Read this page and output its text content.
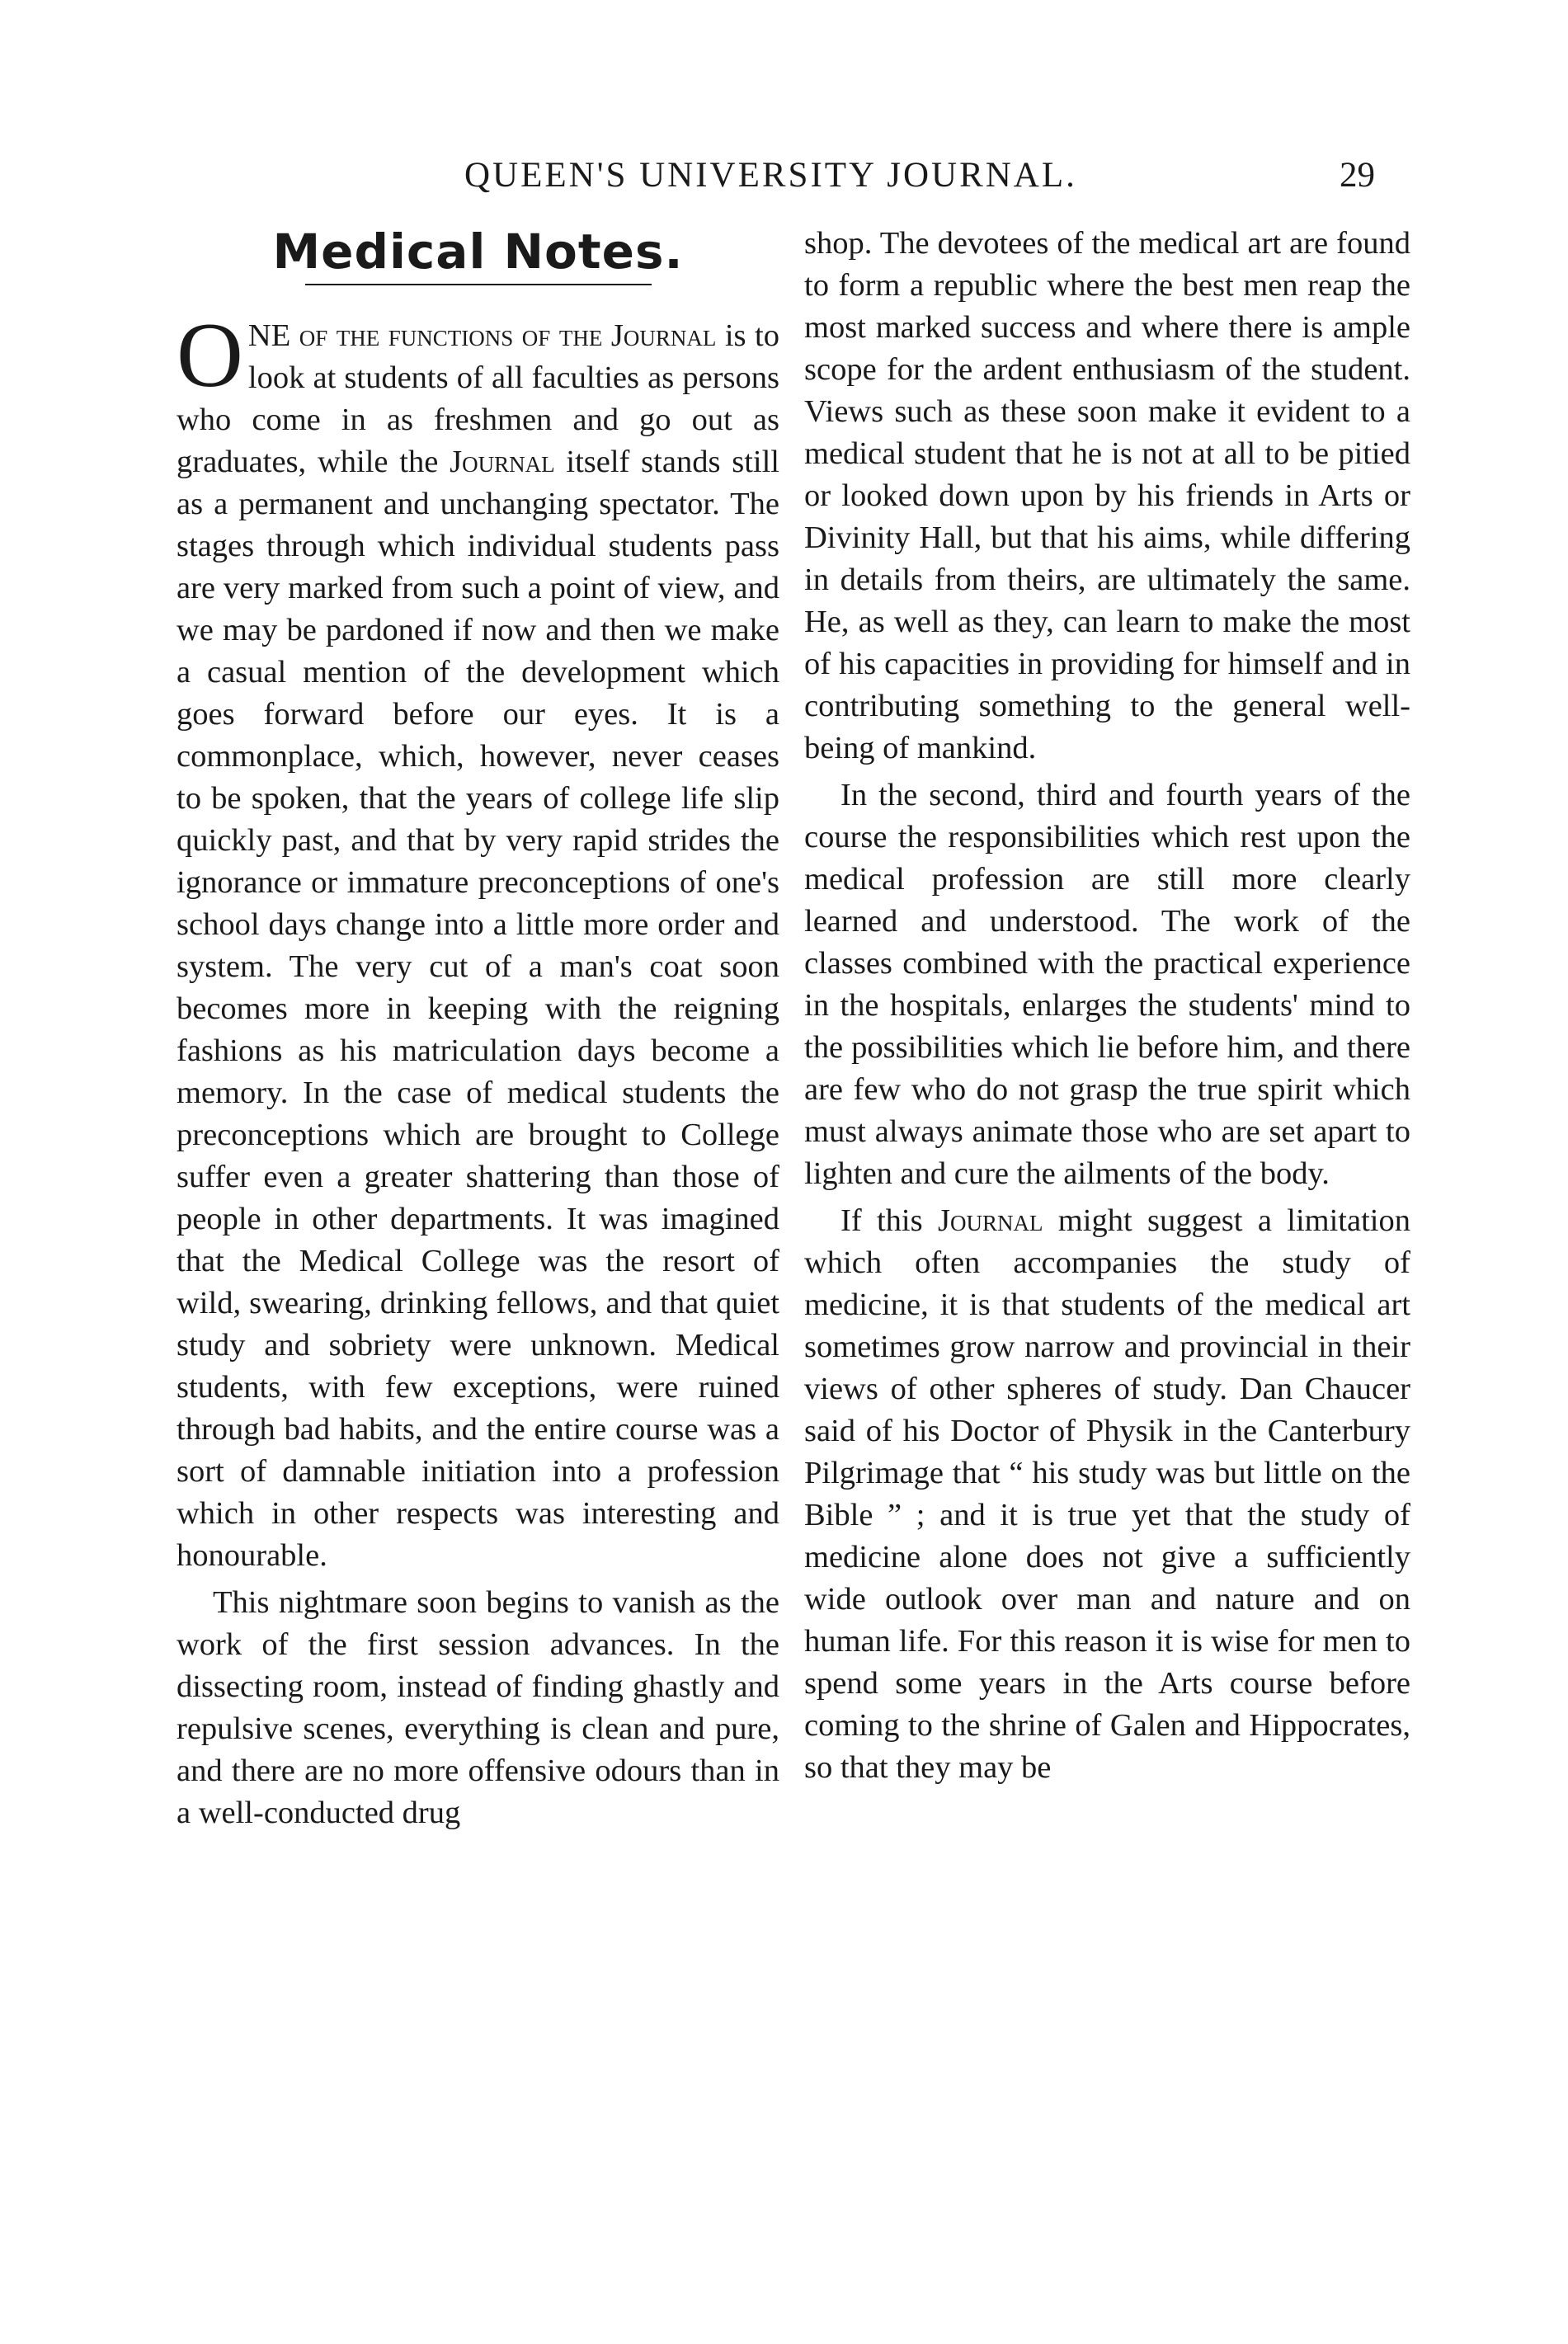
QUEEN'S UNIVERSITY JOURNAL.	29
Medical Notes.

ONE of the functions of the Journal is to look at students of all faculties as persons who come in as freshmen and go out as graduates, while the Journal itself stands still as a permanent and unchanging spectator. The stages through which individual students pass are very marked from such a point of view, and we may be pardoned if now and then we make a casual mention of the development which goes forward before our eyes. It is a commonplace, which, however, never ceases to be spoken, that the years of college life slip quickly past, and that by very rapid strides the ignorance or immature preconceptions of one's school days change into a little more order and system. The very cut of a man's coat soon becomes more in keeping with the reigning fashions as his matriculation days become a memory. In the case of medical students the preconceptions which are brought to College suffer even a greater shattering than those of people in other departments. It was imagined that the Medical College was the resort of wild, swearing, drinking fellows, and that quiet study and sobriety were unknown. Medical students, with few exceptions, were ruined through bad habits, and the entire course was a sort of damnable initiation into a profession which in other respects was interesting and honourable.

This nightmare soon begins to vanish as the work of the first session advances. In the dissecting room, instead of finding ghastly and repulsive scenes, everything is clean and pure, and there are no more offensive odours than in a well-conducted drug

shop. The devotees of the medical art are found to form a republic where the best men reap the most marked success and where there is ample scope for the ardent enthusiasm of the student. Views such as these soon make it evident to a medical student that he is not at all to be pitied or looked down upon by his friends in Arts or Divinity Hall, but that his aims, while differing in details from theirs, are ultimately the same. He, as well as they, can learn to make the most of his capacities in providing for himself and in contributing something to the general well-being of mankind.

In the second, third and fourth years of the course the responsibilities which rest upon the medical profession are still more clearly learned and understood. The work of the classes combined with the practical experience in the hospitals, enlarges the students' mind to the possibilities which lie before him, and there are few who do not grasp the true spirit which must always animate those who are set apart to lighten and cure the ailments of the body.

If this Journal might suggest a limitation which often accompanies the study of medicine, it is that students of the medical art sometimes grow narrow and provincial in their views of other spheres of study. Dan Chaucer said of his Doctor of Physik in the Canterbury Pilgrimage that “ his study was but little on the Bible ” ; and it is true yet that the study of medicine alone does not give a sufficiently wide outlook over man and nature and on human life. For this reason it is wise for men to spend some years in the Arts course before coming to the shrine of Galen and Hippocrates, so that they may be
